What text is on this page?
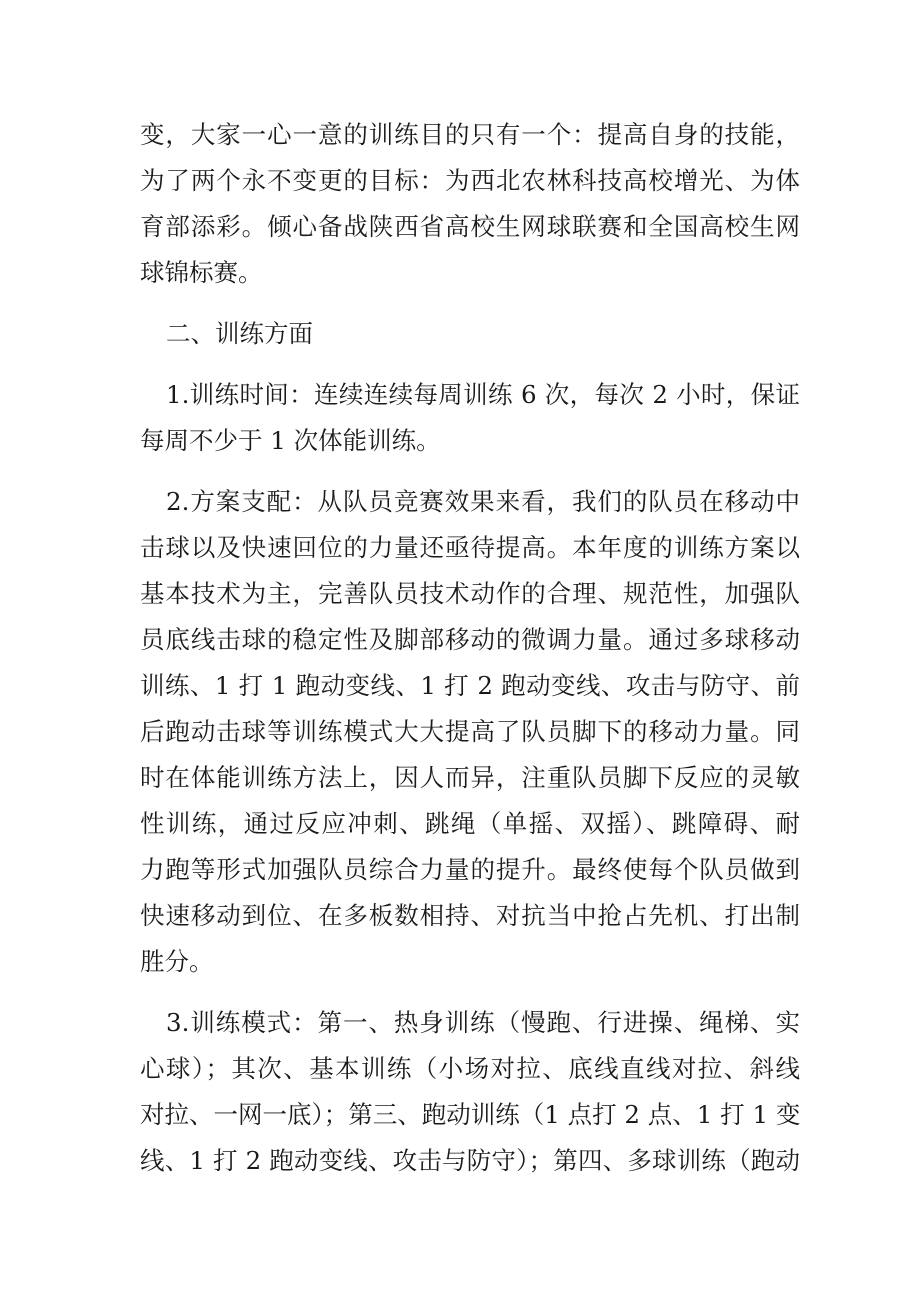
变，大家一心一意的训练目的只有一个：提高自身的技能，
为了两个永不变更的目标：为西北农林科技高校增光、为体
育部添彩。倾心备战陕西省高校生网球联赛和全国高校生网
球锦标赛。
二、训练方面
1.训练时间：连续连续每周训练 6 次，每次 2 小时，保证
每周不少于 1 次体能训练。
2.方案支配：从队员竞赛效果来看，我们的队员在移动中
击球以及快速回位的力量还亟待提高。本年度的训练方案以
基本技术为主，完善队员技术动作的合理、规范性，加强队
员底线击球的稳定性及脚部移动的微调力量。通过多球移动
训练、1 打 1 跑动变线、1 打 2 跑动变线、攻击与防守、前
后跑动击球等训练模式大大提高了队员脚下的移动力量。同
时在体能训练方法上，因人而异，注重队员脚下反应的灵敏
性训练，通过反应冲刺、跳绳（单摇、双摇）、跳障碍、耐
力跑等形式加强队员综合力量的提升。最终使每个队员做到
快速移动到位、在多板数相持、对抗当中抢占先机、打出制
胜分。
3.训练模式：第一、热身训练（慢跑、行进操、绳梯、实
心球）；其次、基本训练（小场对拉、底线直线对拉、斜线
对拉、一网一底）；第三、跑动训练（1 点打 2 点、1 打 1 变
线、1 打 2 跑动变线、攻击与防守）；第四、多球训练（跑动
